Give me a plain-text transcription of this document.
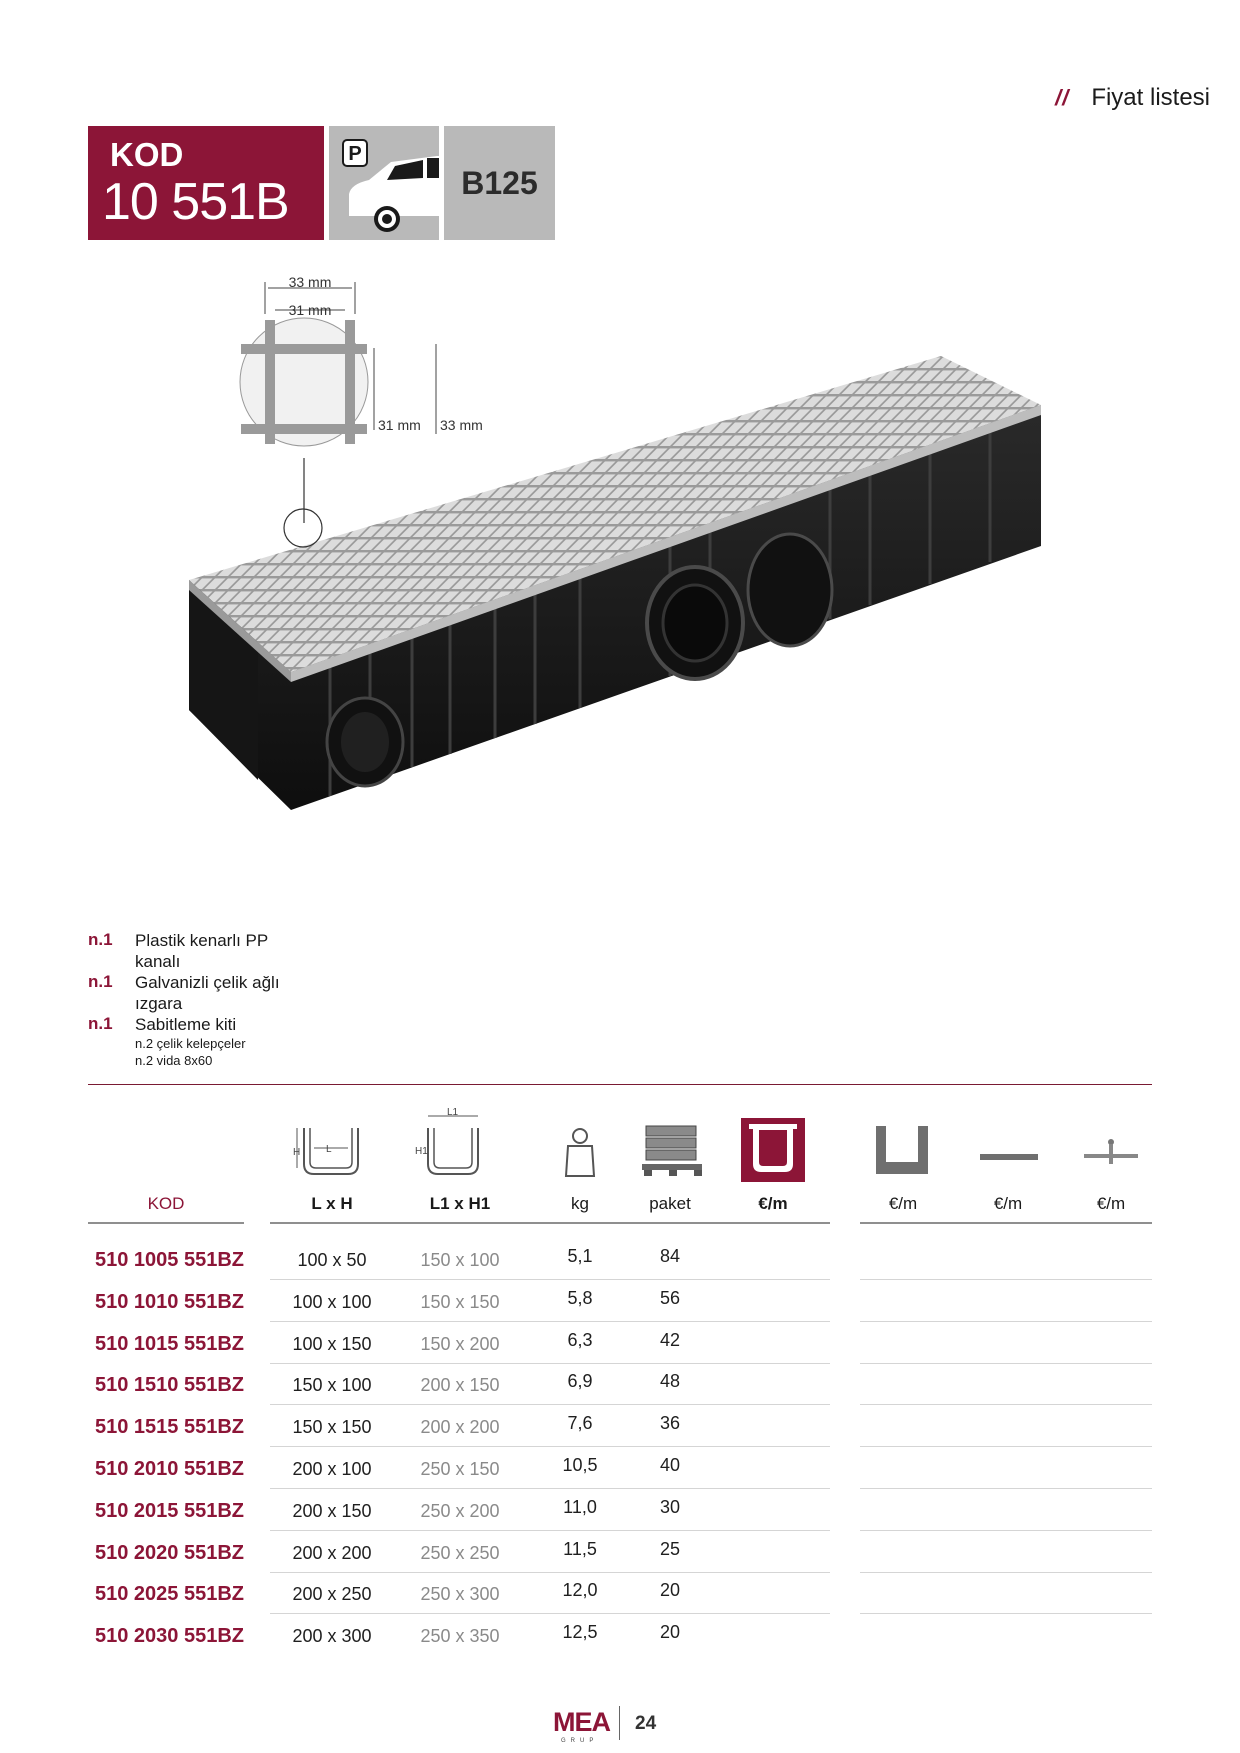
// Fiyat listesi
KOD
10 551B
P
B125
33 mm
31 mm
31 mm 33 mm
n.1	Plastik kenarlı PP kanalı
n.1	Galvanizli çelik ağlı ızgara
n.1	Sabitleme kiti
n.2 çelik kelepçeler
n.2 vida 8x60
H	L
L1
H1
KOD	L x H	L1 x H1	kg	paket	€/m	€/m	€/m	€/m
510 1005 551BZ	100 x 50	150 x 100	5,1	84
510 1010 551BZ	100 x 100	150 x 150	5,8	56
510 1015 551BZ	100 x 150	150 x 200	6,3	42
510 1510 551BZ	150 x 100	200 x 150	6,9	48
510 1515 551BZ	150 x 150	200 x 200	7,6	36
510 2010 551BZ	200 x 100	250 x 150	10,5	40
510 2015 551BZ	200 x 150	250 x 200	11,0	30
510 2020 551BZ	200 x 200	250 x 250	11,5	25
510 2025 551BZ	200 x 250	250 x 300	12,0	20
510 2030 551BZ	200 x 300	250 x 350	12,5	20
MEA
GRUP
24
